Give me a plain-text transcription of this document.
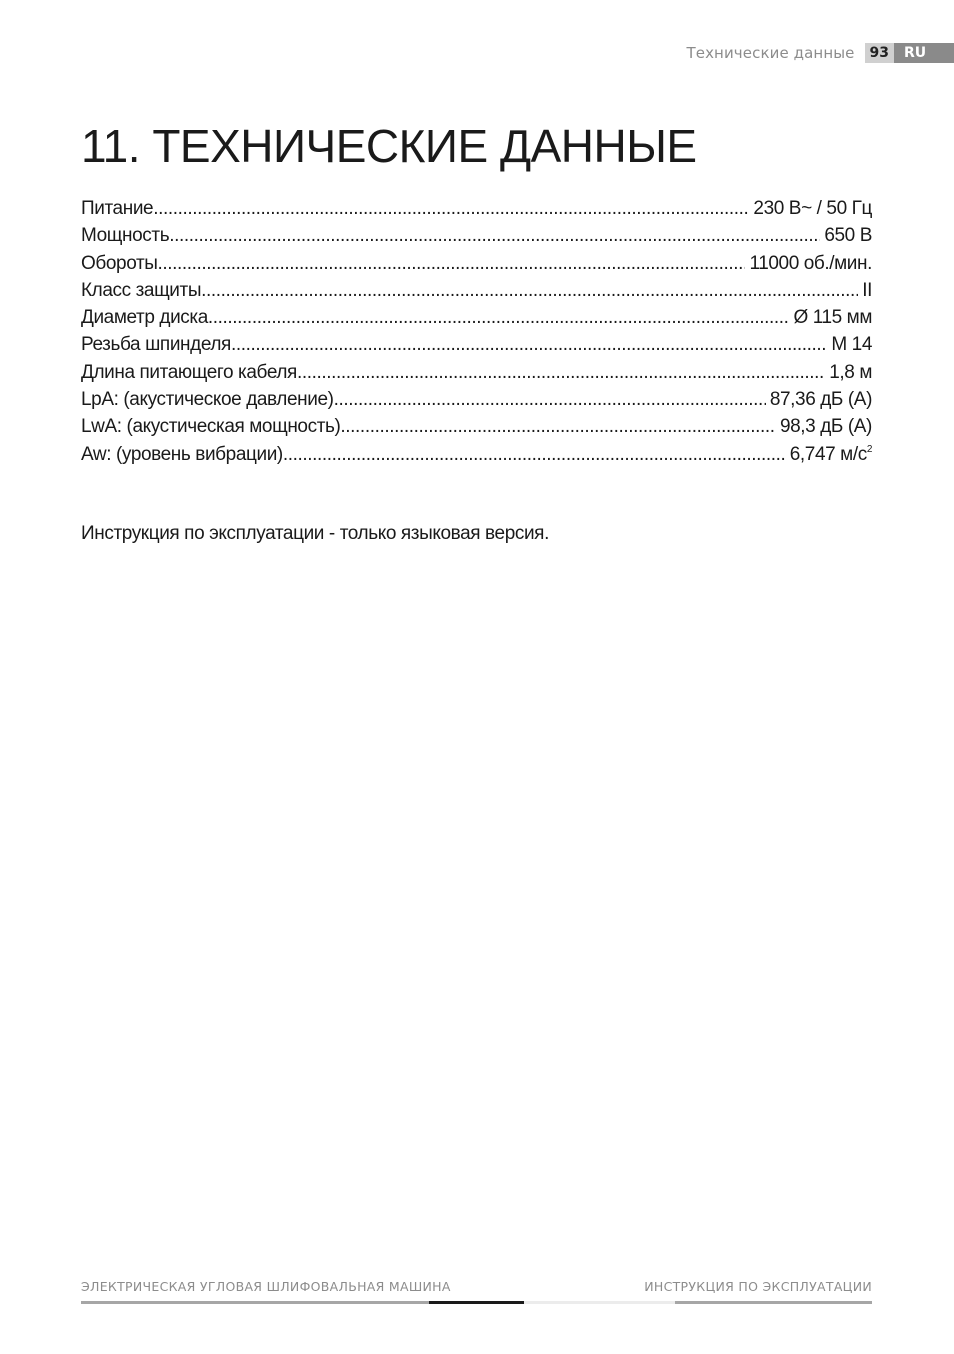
Технические данные	93	RU
11. ТЕХНИЧЕСКИЕ ДАННЫЕ
Питание .....	230 В~ / 50 Гц
Мощность .....	650 В
Обороты .....	11000 об./мин.
Класс защиты .....	II
Диаметр диска .....	Ø 115 мм
Резьба шпинделя .....	M 14
Длина питающего кабеля .....	1,8 м
LpA: (акустическое давление) .....	87,36 дБ (A)
LwA: (акустическая мощность) .....	98,3 дБ (A)
Aw: (уровень вибрации) .....	6,747 $м/с^2$

Инструкция по эксплуатации - только языковая версия.

ЭЛЕКТРИЧЕСКАЯ УГЛОВАЯ ШЛИФОВАЛЬНАЯ МАШИНА	ИНСТРУКЦИЯ ПО ЭКСПЛУАТАЦИИ
